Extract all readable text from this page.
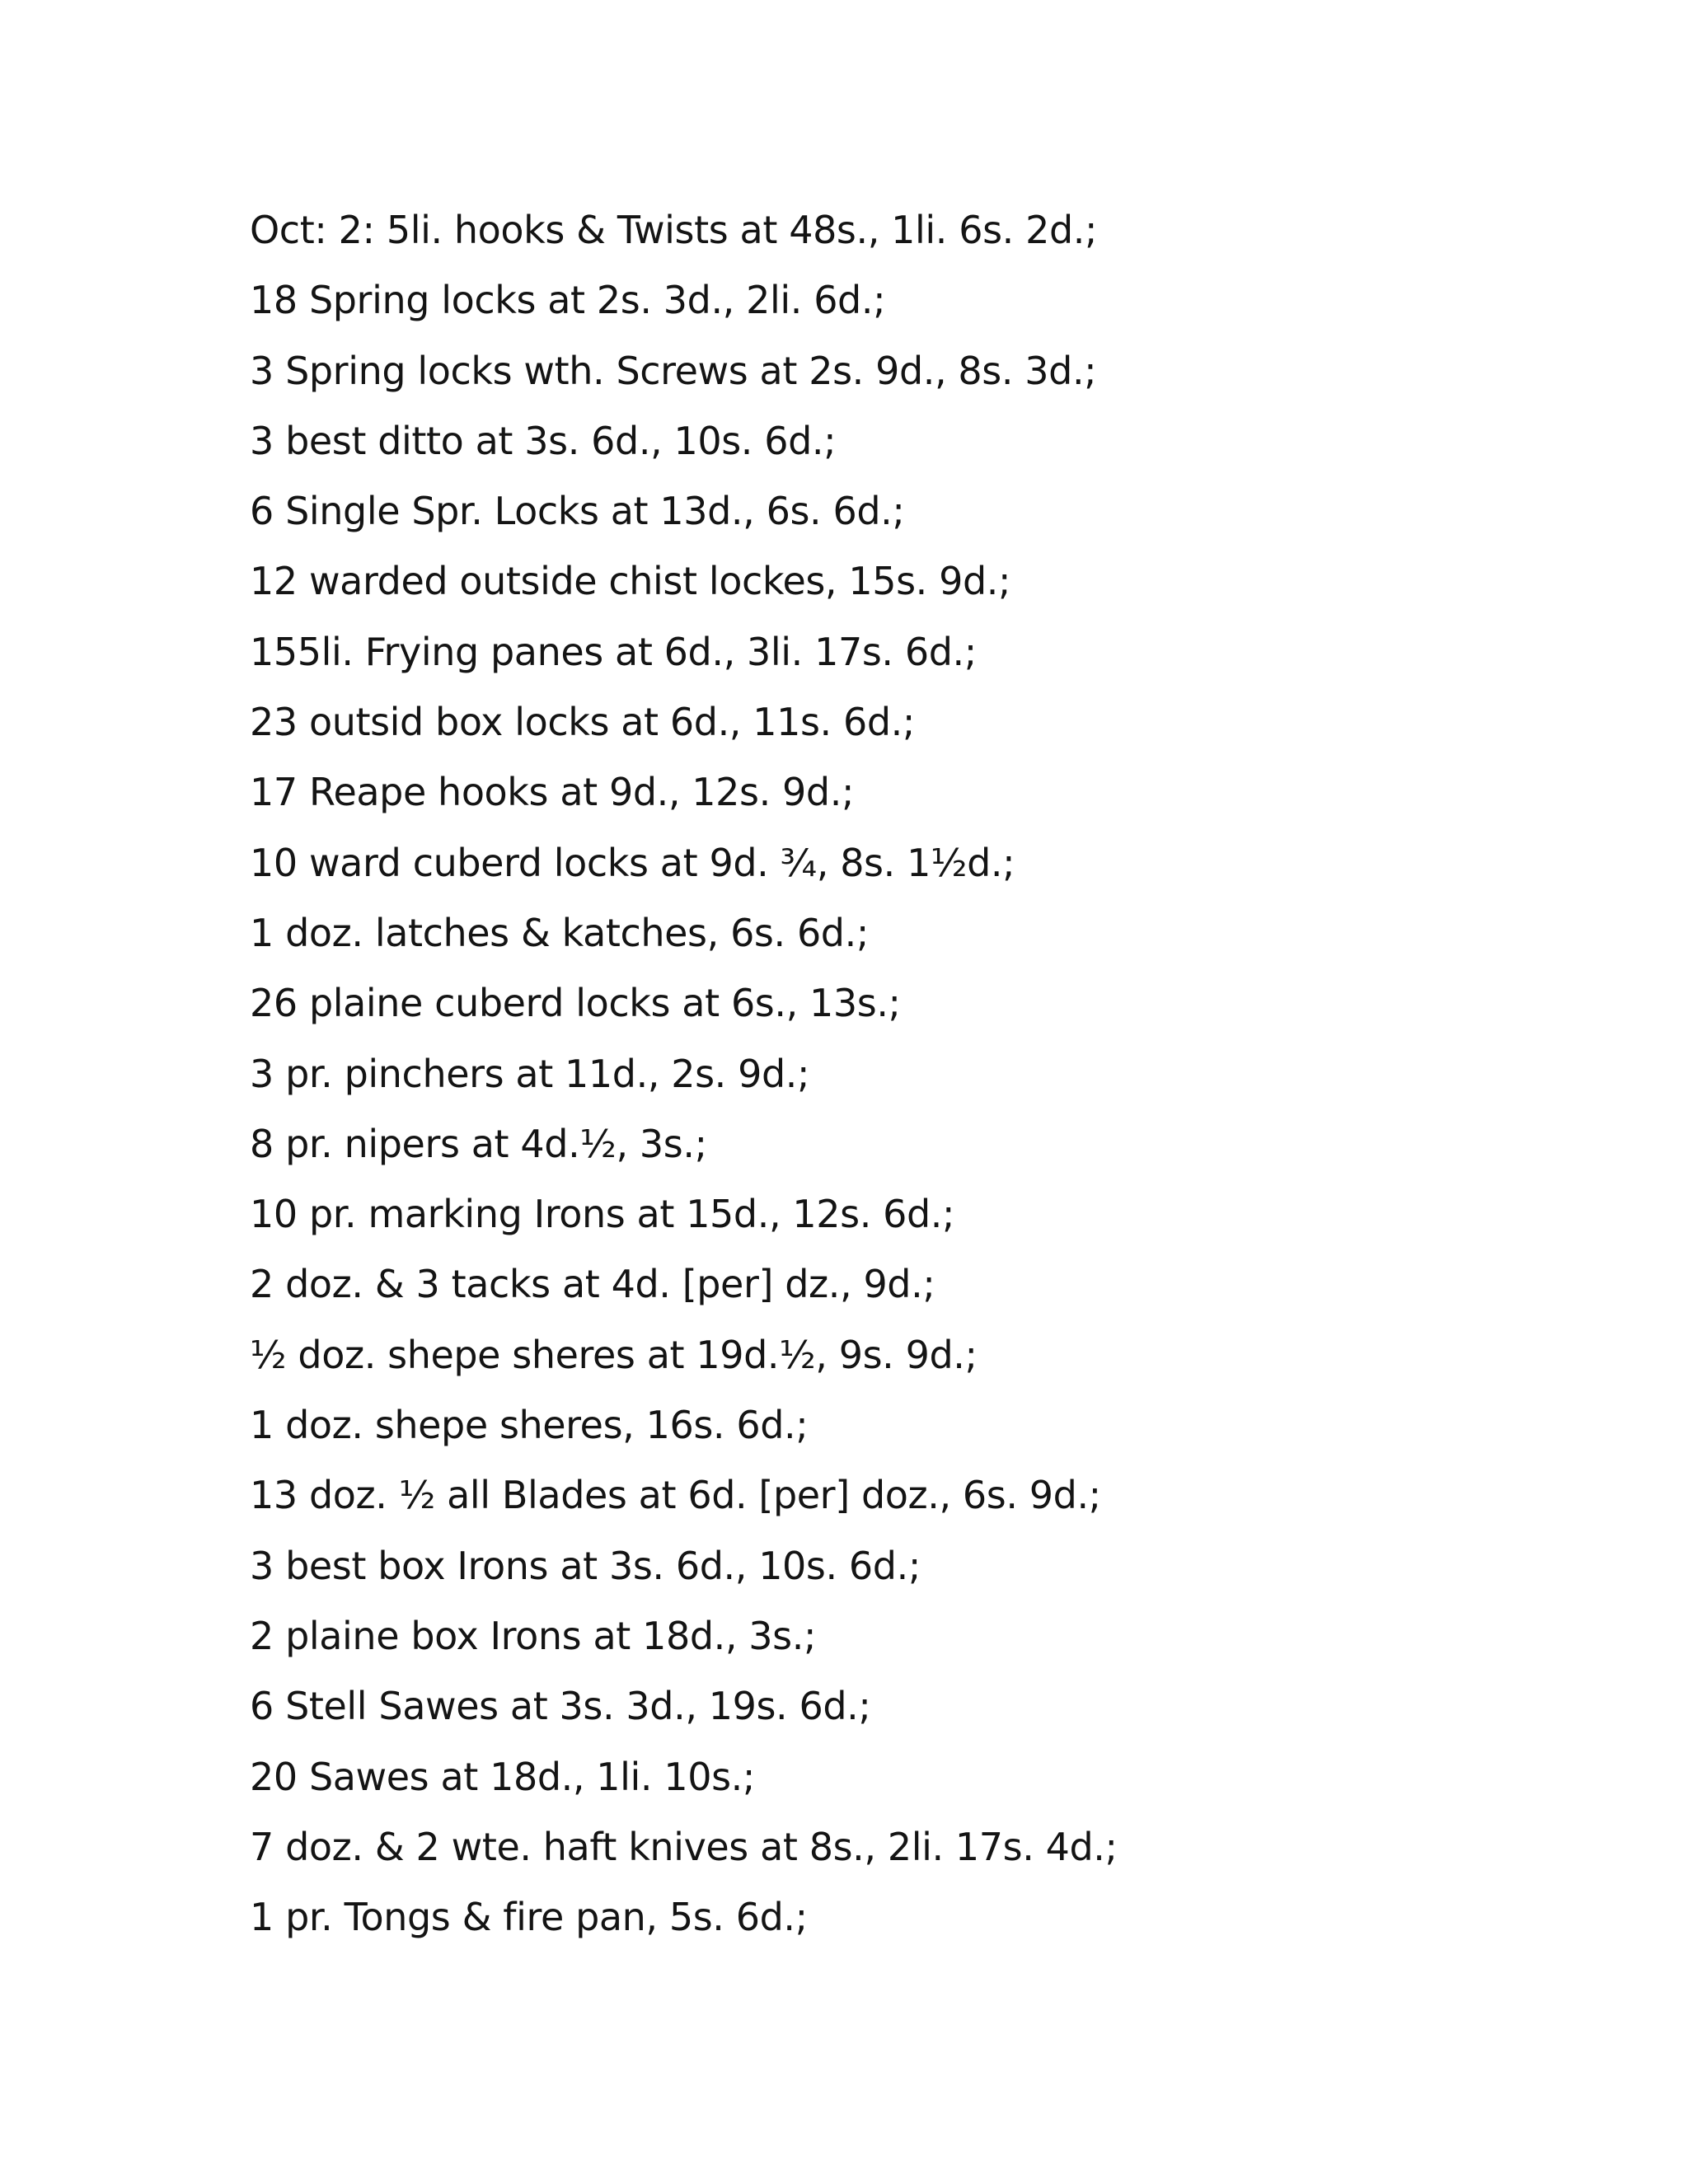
Oct: 2: 5li. hooks & Twists at 48s., 1li. 6s. 2d.;
18 Spring locks at 2s. 3d., 2li. 6d.;
3 Spring locks wth. Screws at 2s. 9d., 8s. 3d.;
3 best ditto at 3s. 6d., 10s. 6d.;
6 Single Spr. Locks at 13d., 6s. 6d.;
12 warded outside chist lockes, 15s. 9d.;
155li. Frying panes at 6d., 3li. 17s. 6d.;
23 outsid box locks at 6d., 11s. 6d.;
17 Reape hooks at 9d., 12s. 9d.;
10 ward cuberd locks at 9d. ¾, 8s. 1½d.;
1 doz. latches & katches, 6s. 6d.;
26 plaine cuberd locks at 6s., 13s.;
3 pr. pinchers at 11d., 2s. 9d.;
8 pr. nipers at 4d.½, 3s.;
10 pr. marking Irons at 15d., 12s. 6d.;
2 doz. & 3 tacks at 4d. [per] dz., 9d.;
½ doz. shepe sheres at 19d.½, 9s. 9d.;
1 doz. shepe sheres, 16s. 6d.;
13 doz. ½ all Blades at 6d. [per] doz., 6s. 9d.;
3 best box Irons at 3s. 6d., 10s. 6d.;
2 plaine box Irons at 18d., 3s.;
6 Stell Sawes at 3s. 3d., 19s. 6d.;
20 Sawes at 18d., 1li. 10s.;
7 doz. & 2 wte. haft knives at 8s., 2li. 17s. 4d.;
1 pr. Tongs & fire pan, 5s. 6d.;
